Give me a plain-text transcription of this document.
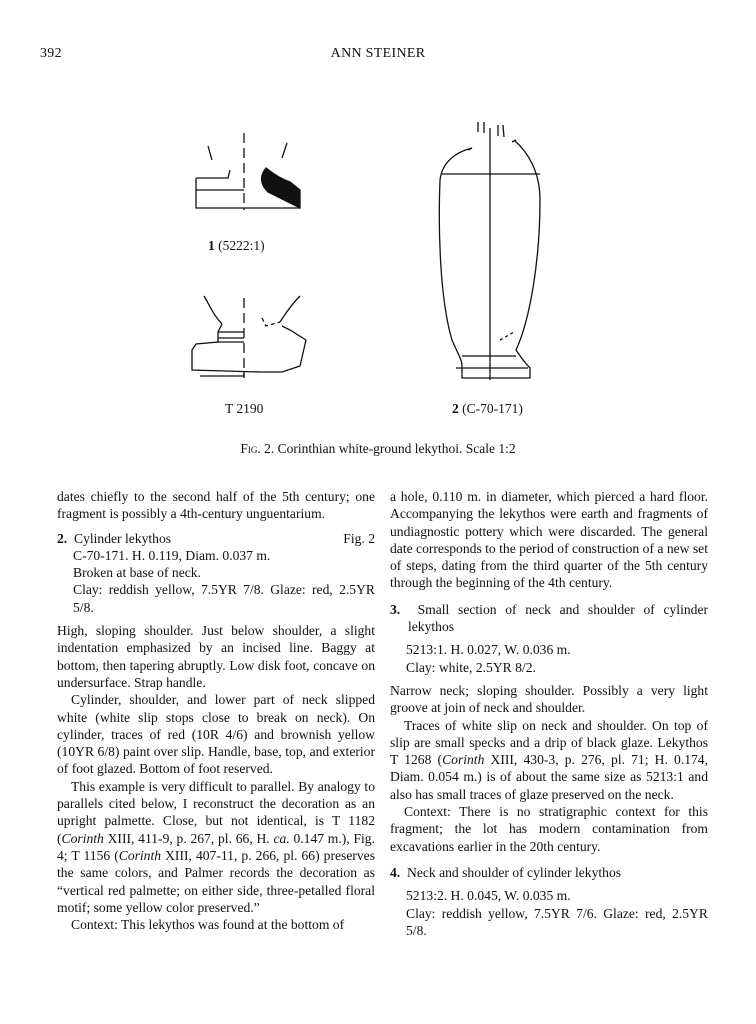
392	ANN STEINER
1 (5222:1)
T 2190	2 (C-70-171)
Fig. 2. Corinthian white-ground lekythoi. Scale 1:2

dates chiefly to the second half of the 5th century; one fragment is possibly a 4th-century unguentarium.

2. Cylinder lekythos	Fig. 2

C-70-171. H. 0.119, Diam. 0.037 m.

Broken at base of neck.

Clay: reddish yellow, 7.5YR 7/8. Glaze: red, 2.5YR 5/8.

High, sloping shoulder. Just below shoulder, a slight indentation emphasized by an incised line. Baggy at bottom, then tapering abruptly. Low disk foot, concave on undersurface. Strap handle.

Cylinder, shoulder, and lower part of neck slipped white (white slip stops close to break on neck). On cylinder, traces of red (10R 4/6) and brownish yellow (10YR 6/8) paint over slip. Handle, base, top, and exterior of foot glazed. Bottom of foot reserved.

This example is very difficult to parallel. By analogy to parallels cited below, I reconstruct the decoration as an upright palmette. Close, but not identical, is T 1182 (Corinth XIII, 411-9, p. 267, pl. 66, H. ca. 0.147 m.), Fig. 4; T 1156 (Corinth XIII, 407-11, p. 266, pl. 66) preserves the same colors, and Palmer records the decoration as “vertical red palmette; on either side, three-petalled floral motif; some yellow color preserved.”

Context: This lekythos was found at the bottom of

a hole, 0.110 m. in diameter, which pierced a hard floor. Accompanying the lekythos were earth and fragments of undiagnostic pottery which were discarded. The general date corresponds to the period of construction of a new set of steps, dating from the third quarter of the 5th century through the beginning of the 4th century.

3. Small section of neck and shoulder of cylinder lekythos

5213:1. H. 0.027, W. 0.036 m.

Clay: white, 2.5YR 8/2.

Narrow neck; sloping shoulder. Possibly a very light groove at join of neck and shoulder.

Traces of white slip on neck and shoulder. On top of slip are small specks and a drip of black glaze. Lekythos T 1268 (Corinth XIII, 430-3, p. 276, pl. 71; H. 0.174, Diam. 0.054 m.) is of about the same size as 5213:1 and also has small traces of glaze preserved on the neck.

Context: There is no stratigraphic context for this fragment; the lot has modern contamination from excavations earlier in the 20th century.

4. Neck and shoulder of cylinder lekythos

5213:2. H. 0.045, W. 0.035 m.

Clay: reddish yellow, 7.5YR 7/6. Glaze: red, 2.5YR 5/8.
